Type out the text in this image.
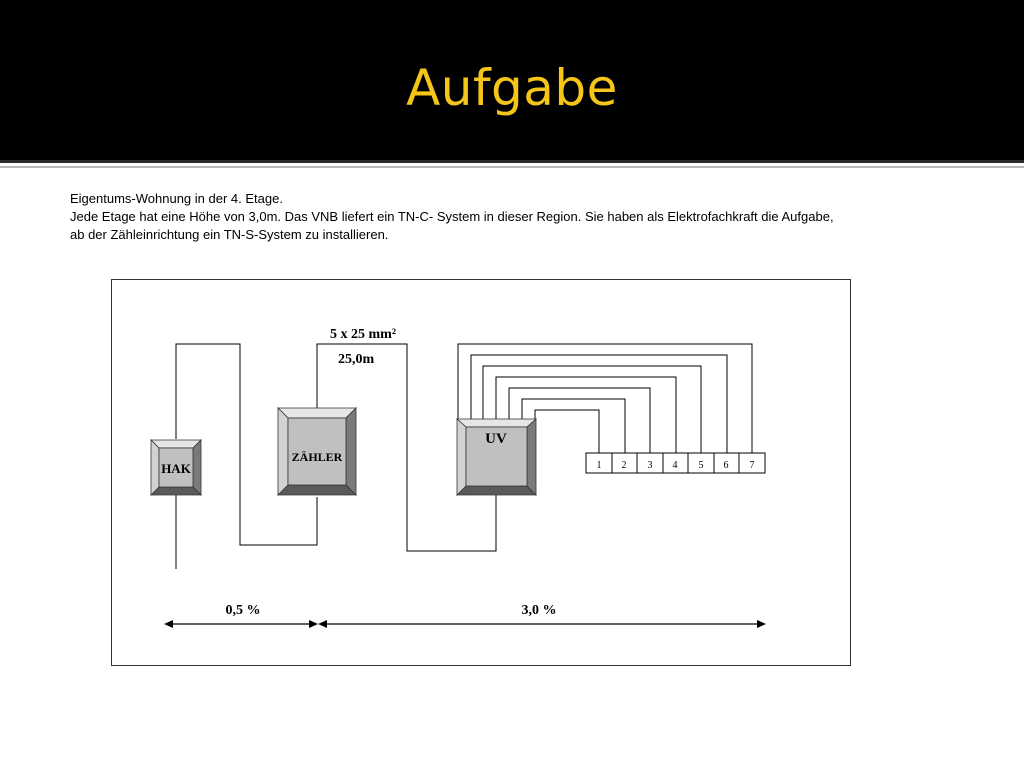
Aufgabe
Eigentums-Wohnung in der 4. Etage.
Jede Etage hat eine Höhe von 3,0m. Das VNB liefert ein TN-C- System in dieser Region. Sie haben als Elektrofachkraft die Aufgabe,
ab der Zähleinrichtung ein TN-S-System zu installieren.
HAK
ZÄHLER
UV
5 x 25 mm²
25,0m
1 2 3 4 5 6 7
0,5 %	3,0 %
